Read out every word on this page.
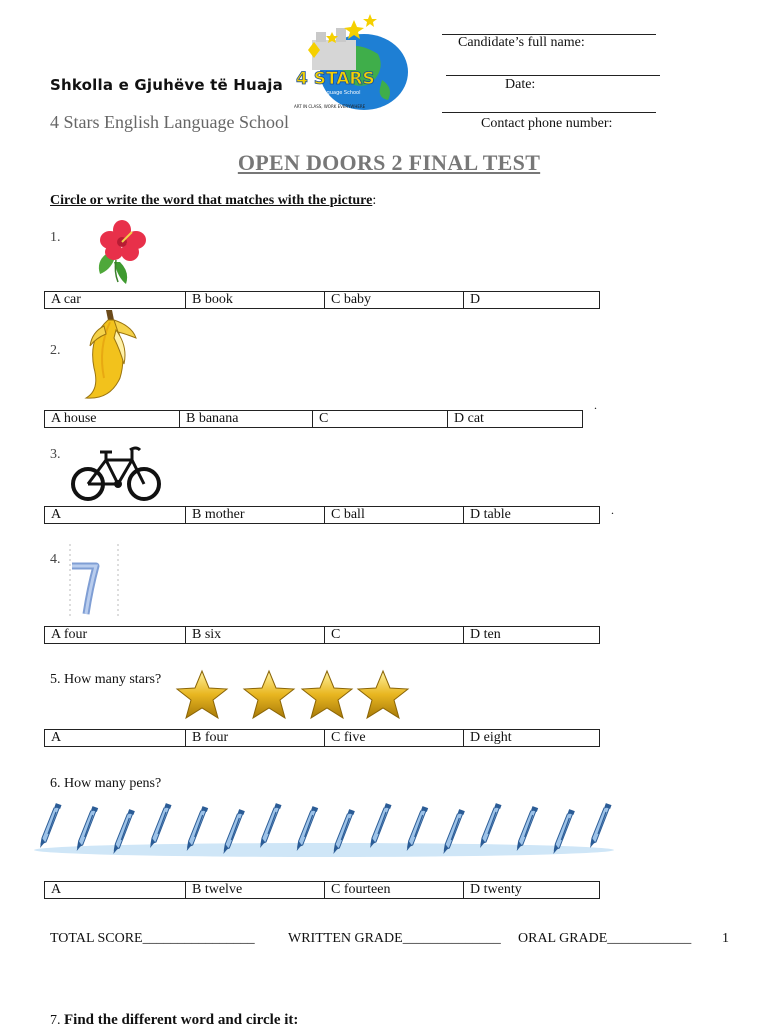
Shkolla e Gjuhëve të Huaja 4 STARS
English Language School
ART IN CLASS, WORK EVERYWHERE
4 Stars English Language School
Candidate’s full name:
Date:
Contact phone number:
OPEN DOORS 2 FINAL TEST
Circle or write the word that matches with the picture:
1.
A car	B book	C baby	D
2.
.
A house	B banana	C	D cat
3.
.
A	B mother	C ball	D table
4.
A four	B six	C	D ten
5. How many stars?
A	B four	C five	D eight
6. How many pens?
A	B twelve	C fourteen	D twenty
TOTAL SCORE________________ WRITTEN GRADE______________ ORAL GRADE____________ 1
7. Find the different word and circle it:
